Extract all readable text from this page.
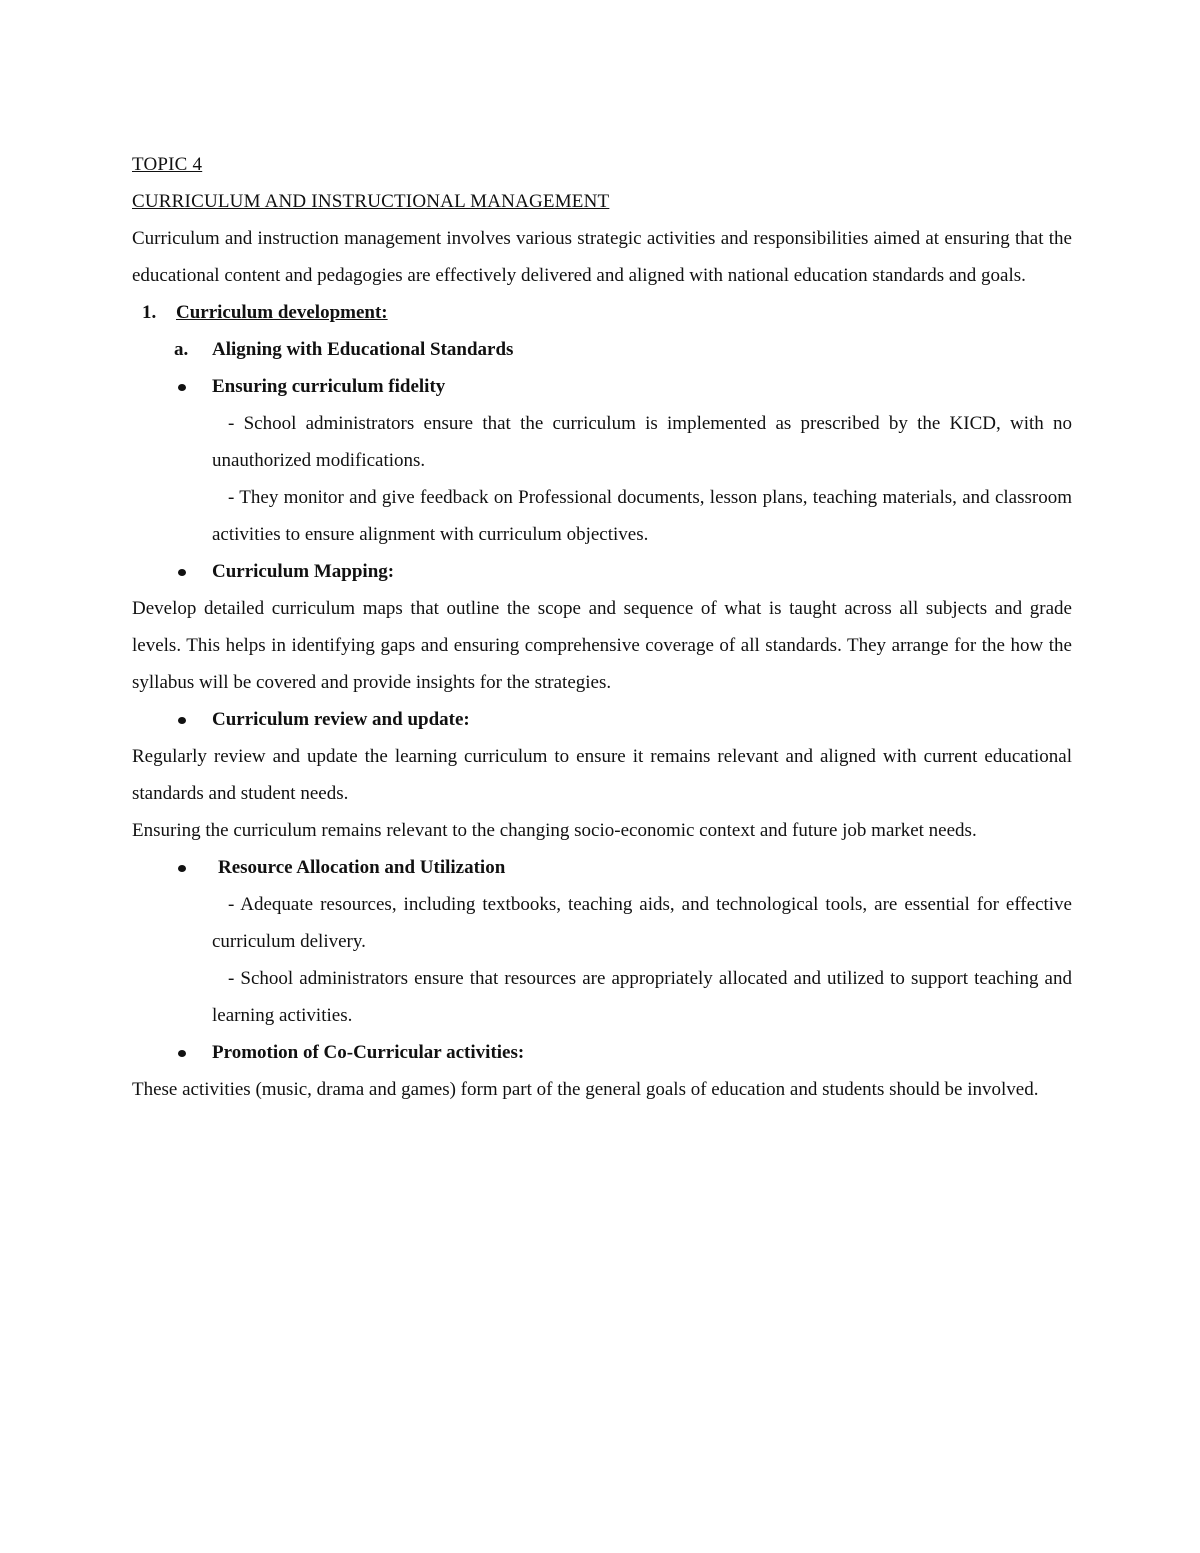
TOPIC 4

CURRICULUM AND INSTRUCTIONAL MANAGEMENT

Curriculum and instruction management involves various strategic activities and responsibilities aimed at ensuring that the educational content and pedagogies are effectively delivered and aligned with national education standards and goals.

1. Curriculum development:

a. Aligning with Educational Standards

Ensuring curriculum fidelity

- School administrators ensure that the curriculum is implemented as prescribed by the KICD, with no unauthorized modifications.

- They monitor and give feedback on Professional documents, lesson plans, teaching materials, and classroom activities to ensure alignment with curriculum objectives.

Curriculum Mapping:

Develop detailed curriculum maps that outline the scope and sequence of what is taught across all subjects and grade levels. This helps in identifying gaps and ensuring comprehensive coverage of all standards. They arrange for the how the syllabus will be covered and provide insights for the strategies.

Curriculum review and update:

Regularly review and update the learning curriculum to ensure it remains relevant and aligned with current educational standards and student needs.

Ensuring the curriculum remains relevant to the changing socio-economic context and future job market needs.

Resource Allocation and Utilization

- Adequate resources, including textbooks, teaching aids, and technological tools, are essential for effective curriculum delivery.

- School administrators ensure that resources are appropriately allocated and utilized to support teaching and learning activities.

Promotion of Co-Curricular activities:

These activities (music, drama and games) form part of the general goals of education and students should be involved.
